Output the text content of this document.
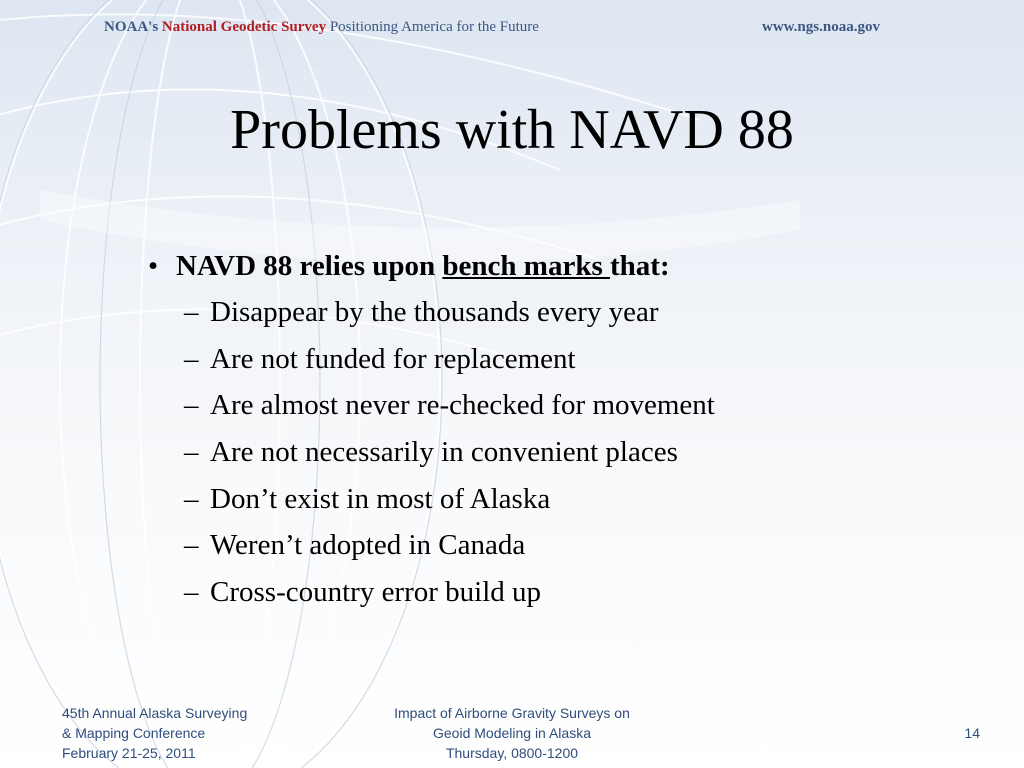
NOAA's National Geodetic Survey Positioning America for the Future	www.ngs.noaa.gov
Problems with NAVD 88
• NAVD 88 relies upon bench marks that:
– Disappear by the thousands every year
– Are not funded for replacement
– Are almost never re-checked for movement
– Are not necessarily in convenient places
– Don’t exist in most of Alaska
– Weren’t adopted in Canada
– Cross-country error build up
45th Annual Alaska Surveying
& Mapping Conference
February 21-25, 2011
Impact of Airborne Gravity Surveys on
Geoid Modeling in Alaska
Thursday, 0800-1200
14
